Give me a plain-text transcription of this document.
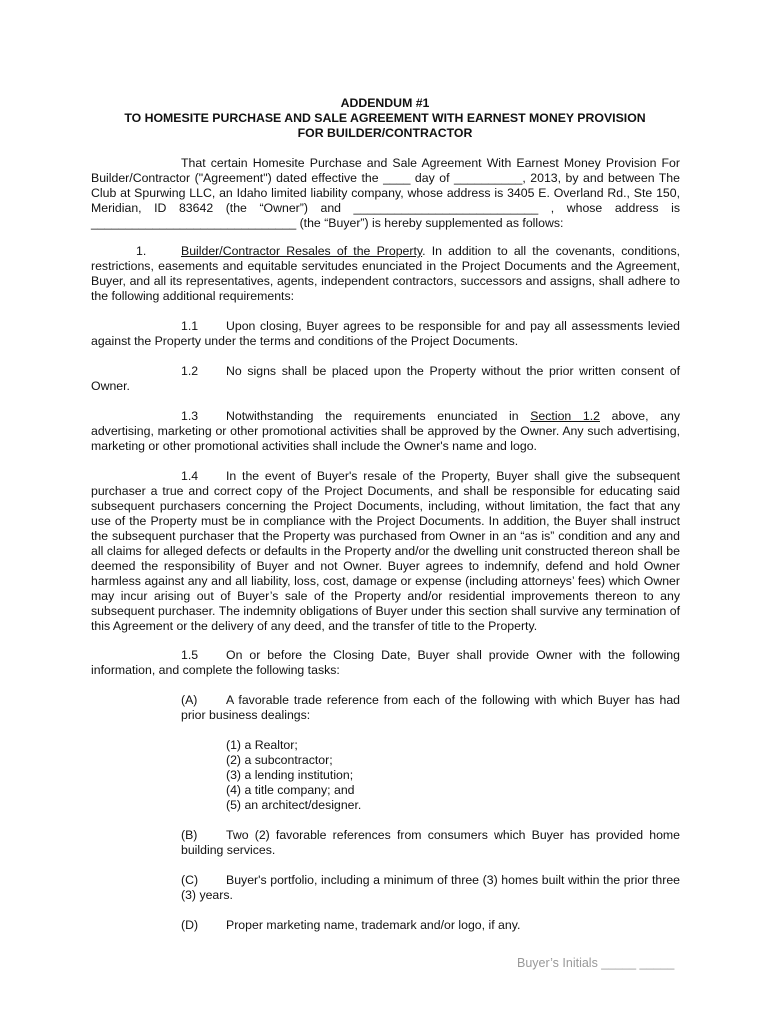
ADDENDUM #1
TO HOMESITE PURCHASE AND SALE AGREEMENT WITH EARNEST MONEY PROVISION
FOR BUILDER/CONTRACTOR

That certain Homesite Purchase and Sale Agreement With Earnest Money Provision For Builder/Contractor ("Agreement") dated effective the ____ day of __________, 2013, by and between The Club at Spurwing LLC, an Idaho limited liability company, whose address is 3405 E. Overland Rd., Ste 150, Meridian, ID 83642 (the “Owner”) and ___________________________ , whose address is ______________________________ (the “Buyer”) is hereby supplemented as follows:

1.	Builder/Contractor Resales of the Property. In addition to all the covenants, conditions, restrictions, easements and equitable servitudes enunciated in the Project Documents and the Agreement, Buyer, and all its representatives, agents, independent contractors, successors and assigns, shall adhere to the following additional requirements:

1.1 Upon closing, Buyer agrees to be responsible for and pay all assessments levied against the Property under the terms and conditions of the Project Documents.

1.2 No signs shall be placed upon the Property without the prior written consent of Owner.

1.3 Notwithstanding the requirements enunciated in Section 1.2 above, any advertising, marketing or other promotional activities shall be approved by the Owner. Any such advertising, marketing or other promotional activities shall include the Owner's name and logo.

1.4 In the event of Buyer's resale of the Property, Buyer shall give the subsequent purchaser a true and correct copy of the Project Documents, and shall be responsible for educating said subsequent purchasers concerning the Project Documents, including, without limitation, the fact that any use of the Property must be in compliance with the Project Documents. In addition, the Buyer shall instruct the subsequent purchaser that the Property was purchased from Owner in an “as is” condition and any and all claims for alleged defects or defaults in the Property and/or the dwelling unit constructed thereon shall be deemed the responsibility of Buyer and not Owner. Buyer agrees to indemnify, defend and hold Owner harmless against any and all liability, loss, cost, damage or expense (including attorneys’ fees) which Owner may incur arising out of Buyer’s sale of the Property and/or residential improvements thereon to any subsequent purchaser. The indemnity obligations of Buyer under this section shall survive any termination of this Agreement or the delivery of any deed, and the transfer of title to the Property.

1.5 On or before the Closing Date, Buyer shall provide Owner with the following information, and complete the following tasks:

(A) A favorable trade reference from each of the following with which Buyer has had prior business dealings:

(1) a Realtor;

(2) a subcontractor;

(3) a lending institution;

(4) a title company; and

(5) an architect/designer.

(B) Two (2) favorable references from consumers which Buyer has provided home building services.

(C) Buyer's portfolio, including a minimum of three (3) homes built within the prior three (3) years.

(D) Proper marketing name, trademark and/or logo, if any.

Buyer’s Initials _____ _____
